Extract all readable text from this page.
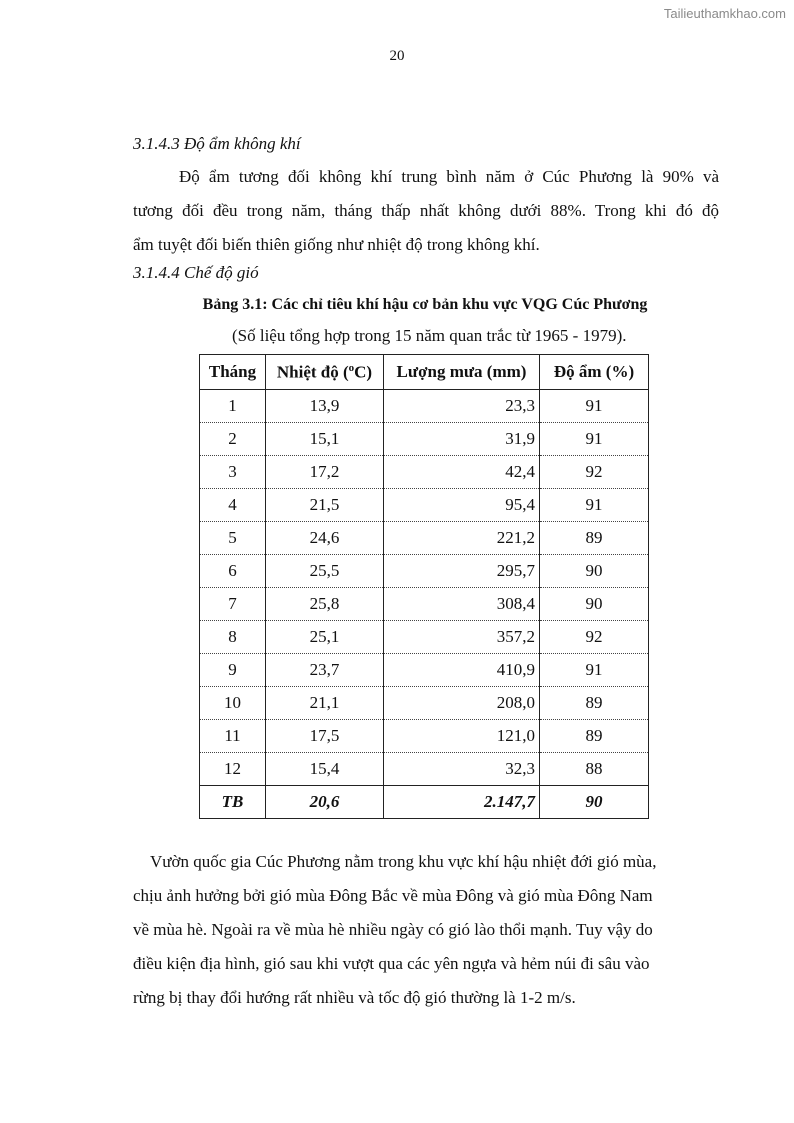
Tailieuthamkhao.com
20
3.1.4.3 Độ ẩm không khí
Độ ẩm tương đối không khí trung bình năm ở Cúc Phương là 90% và
tương đối đều trong năm, tháng thấp nhất không dưới 88%. Trong khi đó độ
ẩm tuyệt đối biến thiên giống như nhiệt độ trong không khí.
3.1.4.4 Chế độ gió
Bảng 3.1: Các chỉ tiêu khí hậu cơ bản khu vực VQG Cúc Phương
(Số liệu tổng hợp trong 15 năm quan trắc từ 1965 - 1979).
Tháng	Nhiệt độ ($^o$C)	Lượng mưa (mm)	Độ ẩm (%)
1	13,9	23,3	91
2	15,1	31,9	91
3	17,2	42,4	92
4	21,5	95,4	91
5	24,6	221,2	89
6	25,5	295,7	90
7	25,8	308,4	90
8	25,1	357,2	92
9	23,7	410,9	91
10	21,1	208,0	89
11	17,5	121,0	89
12	15,4	32,3	88
TB	20,6	2.147,7	90
Vườn quốc gia Cúc Phương nằm trong khu vực khí hậu nhiệt đới gió mùa,
chịu ảnh hưởng bởi gió mùa Đông Bắc về mùa Đông và gió mùa Đông Nam
về mùa hè. Ngoài ra về mùa hè nhiều ngày có gió lào thổi mạnh. Tuy vậy do
điều kiện địa hình, gió sau khi vượt qua các yên ngựa và hẻm núi đi sâu vào
rừng bị thay đổi hướng rất nhiều và tốc độ gió thường là 1-2 m/s.
